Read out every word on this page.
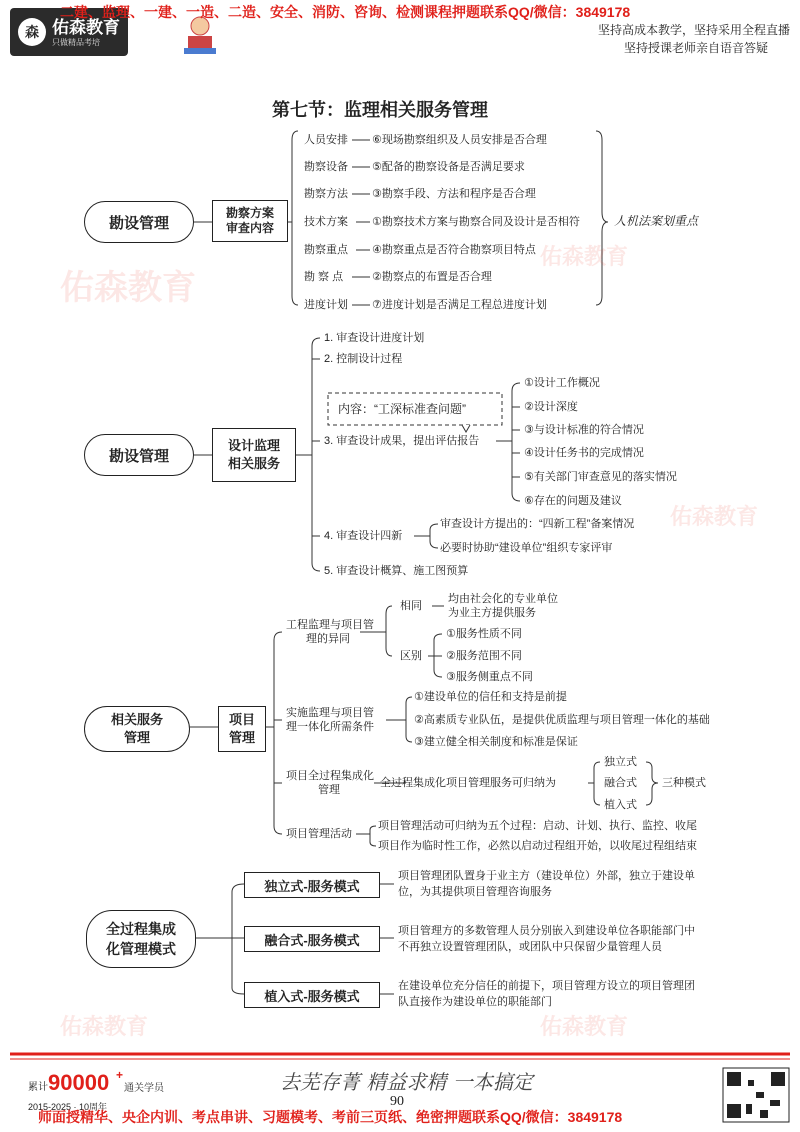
森
佑森教育
佑森教育
佑森教育
佑森教育	佑森教育
佑森教育
只做精品考培
二建、监理、一建、一造、二造、安全、消防、咨询、检测课程押题联系QQ/微信：3849178
坚持高成本教学，坚持采用全程直播
坚持授课老师亲自语音答疑
第七节：监理相关服务管理
勘设管理
勘察方案
审查内容
人员安排 ⑥现场勘察组织及人员安排是否合理
勘察设备 ⑤配备的勘察设备是否满足要求
勘察方法 ③勘察手段、方法和程序是否合理
技术方案 ①勘察技术方案与勘察合同及设计是否相符
勘察重点 ④勘察重点是否符合勘察项目特点
勘 察 点	②勘察点的布置是否合理
进度计划 ⑦进度计划是否满足工程总进度计划
人机法案划重点
勘设管理
设计监理
相关服务
1. 审查设计进度计划
2. 控制设计过程
3. 审查设计成果，提出评估报告
4. 审查设计四新
5. 审查设计概算、施工图预算
内容：“工深标准查问题”
①设计工作概况
②设计深度
③与设计标准的符合情况
④设计任务书的完成情况
⑤有关部门审查意见的落实情况
⑥存在的问题及建议
审查设计方提出的：“四新工程”备案情况
必要时协助“建设单位”组织专家评审
相关服务
管理
项目
管理
工程监理与项目管
理的异同
相同
均由社会化的专业单位
为业主方提供服务
区别
①服务性质不同
②服务范围不同
③服务侧重点不同
实施监理与项目管
理一体化所需条件
①建设单位的信任和支持是前提
②高素质专业队伍，是提供优质监理与项目管理一体化的基础
③建立健全相关制度和标准是保证
项目全过程集成化
管理
全过程集成化项目管理服务可归纳为
独立式
融合式
植入式
三种模式
项目管理活动
项目管理活动可归纳为五个过程：启动、计划、执行、监控、收尾
项目作为临时性工作，必然以启动过程组开始，以收尾过程组结束
全过程集成
化管理模式
独立式-服务模式
融合式-服务模式
植入式-服务模式
项目管理团队置身于业主方（建设单位）外部，独立于建设单
位，为其提供项目管理咨询服务
项目管理方的多数管理人员分别嵌入到建设单位各职能部门中
不再独立设置管理团队，或团队中只保留少量管理人员
在建设单位充分信任的前提下，项目管理方设立的项目管理团
队直接作为建设单位的职能部门
累计 90000 +
通关学员
2015-2025 · 10周年
去芜存菁 精益求精 一本搞定
90
师面授精华、央企内训、考点串讲、习题模考、考前三页纸、绝密押题联系QQ/微信：3849178
